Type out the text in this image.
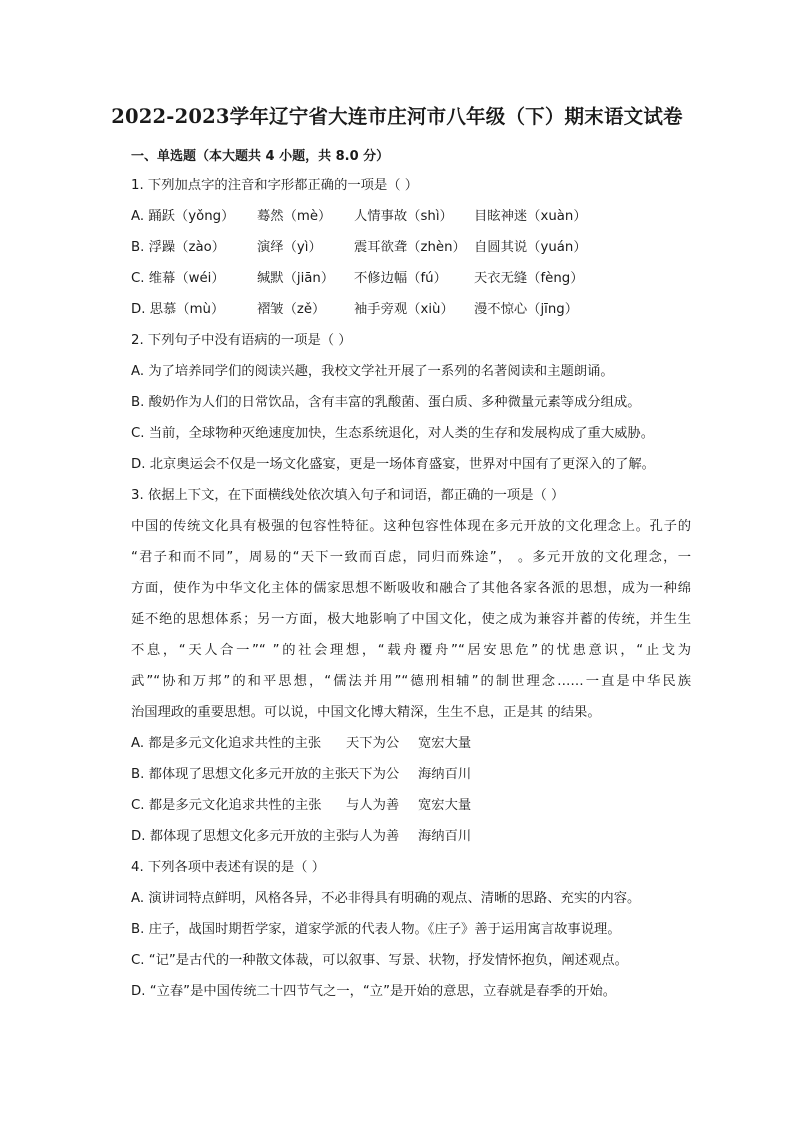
2022-2023学年辽宁省大连市庄河市八年级（下）期末语文试卷
一、单选题（本大题共 4 小题，共 8.0 分）
1. 下列加点字的注音和字形都正确的一项是（ ）
A. 踊跃（yǒng） 蓦然（mè） 人情事故（shì） 目眩神迷（xuàn）
B. 浮躁（zào） 演绎（yì） 震耳欲聋（zhèn） 自圆其说（yuán）
C. 维幕（wéi） 缄默（jiān） 不修边幅（fú） 天衣无缝（fèng）
D. 思慕（mù） 褶皱（zě） 袖手旁观（xiù） 漫不惊心（jīng）
2. 下列句子中没有语病的一项是（ ）
A. 为了培养同学们的阅读兴趣，我校文学社开展了一系列的名著阅读和主题朗诵。
B. 酸奶作为人们的日常饮品，含有丰富的乳酸菌、蛋白质、多种微量元素等成分组成。
C. 当前，全球物种灭绝速度加快，生态系统退化，对人类的生存和发展构成了重大威胁。
D. 北京奥运会不仅是一场文化盛宴，更是一场体育盛宴，世界对中国有了更深入的了解。
3. 依据上下文，在下面横线处依次填入句子和词语，都正确的一项是（ ）
中国的传统文化具有极强的包容性特征。这种包容性体现在多元开放的文化理念上。孔子的
“君子和而不同”，周易的“天下一致而百虑，同归而殊途”， 。多元开放的文化理念，一
方面，使作为中华文化主体的儒家思想不断吸收和融合了其他各家各派的思想，成为一种绵
延不绝的思想体系；另一方面，极大地影响了中国文化，使之成为兼容并蓄的传统，并生生
不息，“天人合一”“ ”的社会理想，“载舟覆舟”“居安思危”的忧患意识，“止戈为
武”“协和万邦”的和平思想，“儒法并用”“德刑相辅”的制世理念……一直是中华民族
治国理政的重要思想。可以说，中国文化博大精深，生生不息，正是其 的结果。
A. 都是多元文化追求共性的主张 天下为公 宽宏大量
B. 都体现了思想文化多元开放的主张天下为公 海纳百川
C. 都是多元文化追求共性的主张 与人为善 宽宏大量
D. 都体现了思想文化多元开放的主张与人为善 海纳百川
4. 下列各项中表述有误的是（ ）
A. 演讲词特点鲜明，风格各异，不必非得具有明确的观点、清晰的思路、充实的内容。
B. 庄子，战国时期哲学家，道家学派的代表人物。《庄子》善于运用寓言故事说理。
C. “记”是古代的一种散文体裁，可以叙事、写景、状物，抒发情怀抱负，阐述观点。
D. “立春”是中国传统二十四节气之一，“立”是开始的意思，立春就是春季的开始。
